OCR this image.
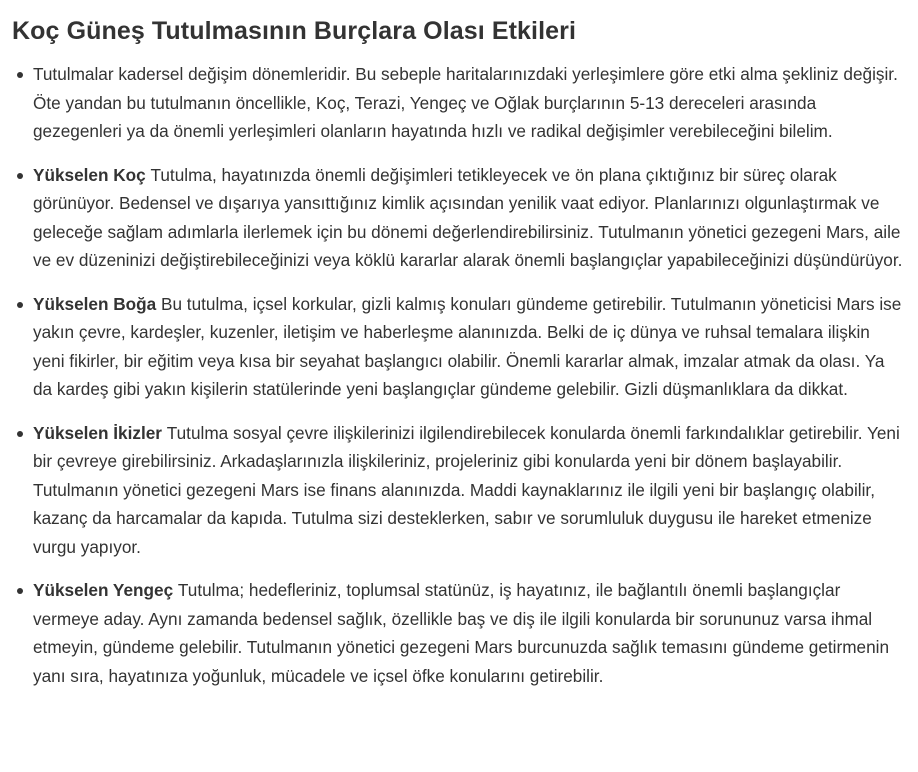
Koç Güneş Tutulmasının Burçlara Olası Etkileri
Tutulmalar kadersel değişim dönemleridir. Bu sebeple haritalarınızdaki yerleşimlere göre etki alma şekliniz değişir. Öte yandan bu tutulmanın öncellikle, Koç, Terazi, Yengeç ve Oğlak burçlarının 5-13 dereceleri arasında gezegenleri ya da önemli yerleşimleri olanların hayatında hızlı ve radikal değişimler verebileceğini bilelim.
Yükselen Koç Tutulma, hayatınızda önemli değişimleri tetikleyecek ve ön plana çıktığınız bir süreç olarak görünüyor. Bedensel ve dışarıya yansıttığınız kimlik açısından yenilik vaat ediyor. Planlarınızı olgunlaştırmak ve geleceğe sağlam adımlarla ilerlemek için bu dönemi değerlendirebilirsiniz. Tutulmanın yönetici gezegeni Mars, aile ve ev düzeninizi değiştirebileceğinizi veya köklü kararlar alarak önemli başlangıçlar yapabileceğinizi düşündürüyor.
Yükselen Boğa Bu tutulma, içsel korkular, gizli kalmış konuları gündeme getirebilir. Tutulmanın yöneticisi Mars ise yakın çevre, kardeşler, kuzenler, iletişim ve haberleşme alanınızda. Belki de iç dünya ve ruhsal temalara ilişkin yeni fikirler, bir eğitim veya kısa bir seyahat başlangıcı olabilir. Önemli kararlar almak, imzalar atmak da olası. Ya da kardeş gibi yakın kişilerin statülerinde yeni başlangıçlar gündeme gelebilir. Gizli düşmanlıklara da dikkat.
Yükselen İkizler Tutulma sosyal çevre ilişkilerinizi ilgilendirebilecek konularda önemli farkındalıklar getirebilir. Yeni bir çevreye girebilirsiniz. Arkadaşlarınızla ilişkileriniz, projeleriniz gibi konularda yeni bir dönem başlayabilir. Tutulmanın yönetici gezegeni Mars ise finans alanınızda. Maddi kaynaklarınız ile ilgili yeni bir başlangıç olabilir, kazanç da harcamalar da kapıda. Tutulma sizi desteklerken, sabır ve sorumluluk duygusu ile hareket etmenize vurgu yapıyor.
Yükselen Yengeç Tutulma; hedefleriniz, toplumsal statünüz, iş hayatınız, ile bağlantılı önemli başlangıçlar vermeye aday. Aynı zamanda bedensel sağlık, özellikle baş ve diş ile ilgili konularda bir sorununuz varsa ihmal etmeyin, gündeme gelebilir. Tutulmanın yönetici gezegeni Mars burcunuzda sağlık temasını gündeme getirmenin yanı sıra, hayatınıza yoğunluk, mücadele ve içsel öfke konularını getirebilir.
